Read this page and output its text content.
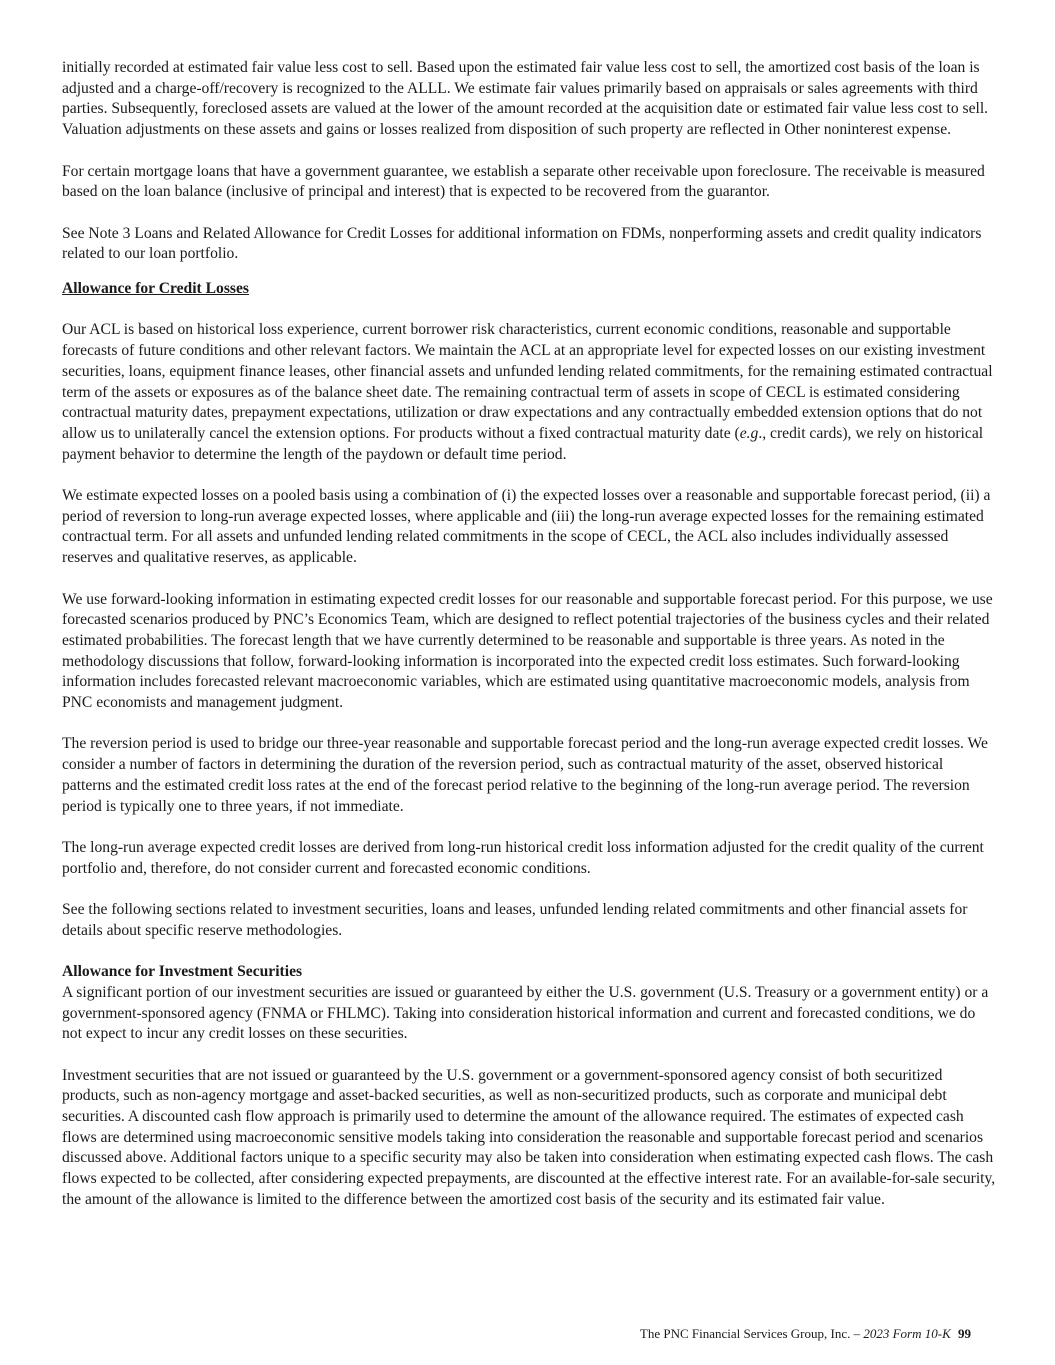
initially recorded at estimated fair value less cost to sell. Based upon the estimated fair value less cost to sell, the amortized cost basis of the loan is adjusted and a charge-off/recovery is recognized to the ALLL. We estimate fair values primarily based on appraisals or sales agreements with third parties. Subsequently, foreclosed assets are valued at the lower of the amount recorded at the acquisition date or estimated fair value less cost to sell. Valuation adjustments on these assets and gains or losses realized from disposition of such property are reflected in Other noninterest expense.

For certain mortgage loans that have a government guarantee, we establish a separate other receivable upon foreclosure. The receivable is measured based on the loan balance (inclusive of principal and interest) that is expected to be recovered from the guarantor.

See Note 3 Loans and Related Allowance for Credit Losses for additional information on FDMs, nonperforming assets and credit quality indicators related to our loan portfolio.

Allowance for Credit Losses

Our ACL is based on historical loss experience, current borrower risk characteristics, current economic conditions, reasonable and supportable forecasts of future conditions and other relevant factors. We maintain the ACL at an appropriate level for expected losses on our existing investment securities, loans, equipment finance leases, other financial assets and unfunded lending related commitments, for the remaining estimated contractual term of the assets or exposures as of the balance sheet date. The remaining contractual term of assets in scope of CECL is estimated considering contractual maturity dates, prepayment expectations, utilization or draw expectations and any contractually embedded extension options that do not allow us to unilaterally cancel the extension options. For products without a fixed contractual maturity date (e.g., credit cards), we rely on historical payment behavior to determine the length of the paydown or default time period.

We estimate expected losses on a pooled basis using a combination of (i) the expected losses over a reasonable and supportable forecast period, (ii) a period of reversion to long-run average expected losses, where applicable and (iii) the long-run average expected losses for the remaining estimated contractual term. For all assets and unfunded lending related commitments in the scope of CECL, the ACL also includes individually assessed reserves and qualitative reserves, as applicable.

We use forward-looking information in estimating expected credit losses for our reasonable and supportable forecast period. For this purpose, we use forecasted scenarios produced by PNC’s Economics Team, which are designed to reflect potential trajectories of the business cycles and their related estimated probabilities. The forecast length that we have currently determined to be reasonable and supportable is three years. As noted in the methodology discussions that follow, forward-looking information is incorporated into the expected credit loss estimates. Such forward-looking information includes forecasted relevant macroeconomic variables, which are estimated using quantitative macroeconomic models, analysis from PNC economists and management judgment.

The reversion period is used to bridge our three-year reasonable and supportable forecast period and the long-run average expected credit losses. We consider a number of factors in determining the duration of the reversion period, such as contractual maturity of the asset, observed historical patterns and the estimated credit loss rates at the end of the forecast period relative to the beginning of the long-run average period. The reversion period is typically one to three years, if not immediate.

The long-run average expected credit losses are derived from long-run historical credit loss information adjusted for the credit quality of the current portfolio and, therefore, do not consider current and forecasted economic conditions.

See the following sections related to investment securities, loans and leases, unfunded lending related commitments and other financial assets for details about specific reserve methodologies.

Allowance for Investment Securities

A significant portion of our investment securities are issued or guaranteed by either the U.S. government (U.S. Treasury or a government entity) or a government-sponsored agency (FNMA or FHLMC). Taking into consideration historical information and current and forecasted conditions, we do not expect to incur any credit losses on these securities.

Investment securities that are not issued or guaranteed by the U.S. government or a government-sponsored agency consist of both securitized products, such as non-agency mortgage and asset-backed securities, as well as non-securitized products, such as corporate and municipal debt securities. A discounted cash flow approach is primarily used to determine the amount of the allowance required. The estimates of expected cash flows are determined using macroeconomic sensitive models taking into consideration the reasonable and supportable forecast period and scenarios discussed above. Additional factors unique to a specific security may also be taken into consideration when estimating expected cash flows. The cash flows expected to be collected, after considering expected prepayments, are discounted at the effective interest rate. For an available-for-sale security, the amount of the allowance is limited to the difference between the amortized cost basis of the security and its estimated fair value.

The PNC Financial Services Group, Inc. – 2023 Form 10-K 99
